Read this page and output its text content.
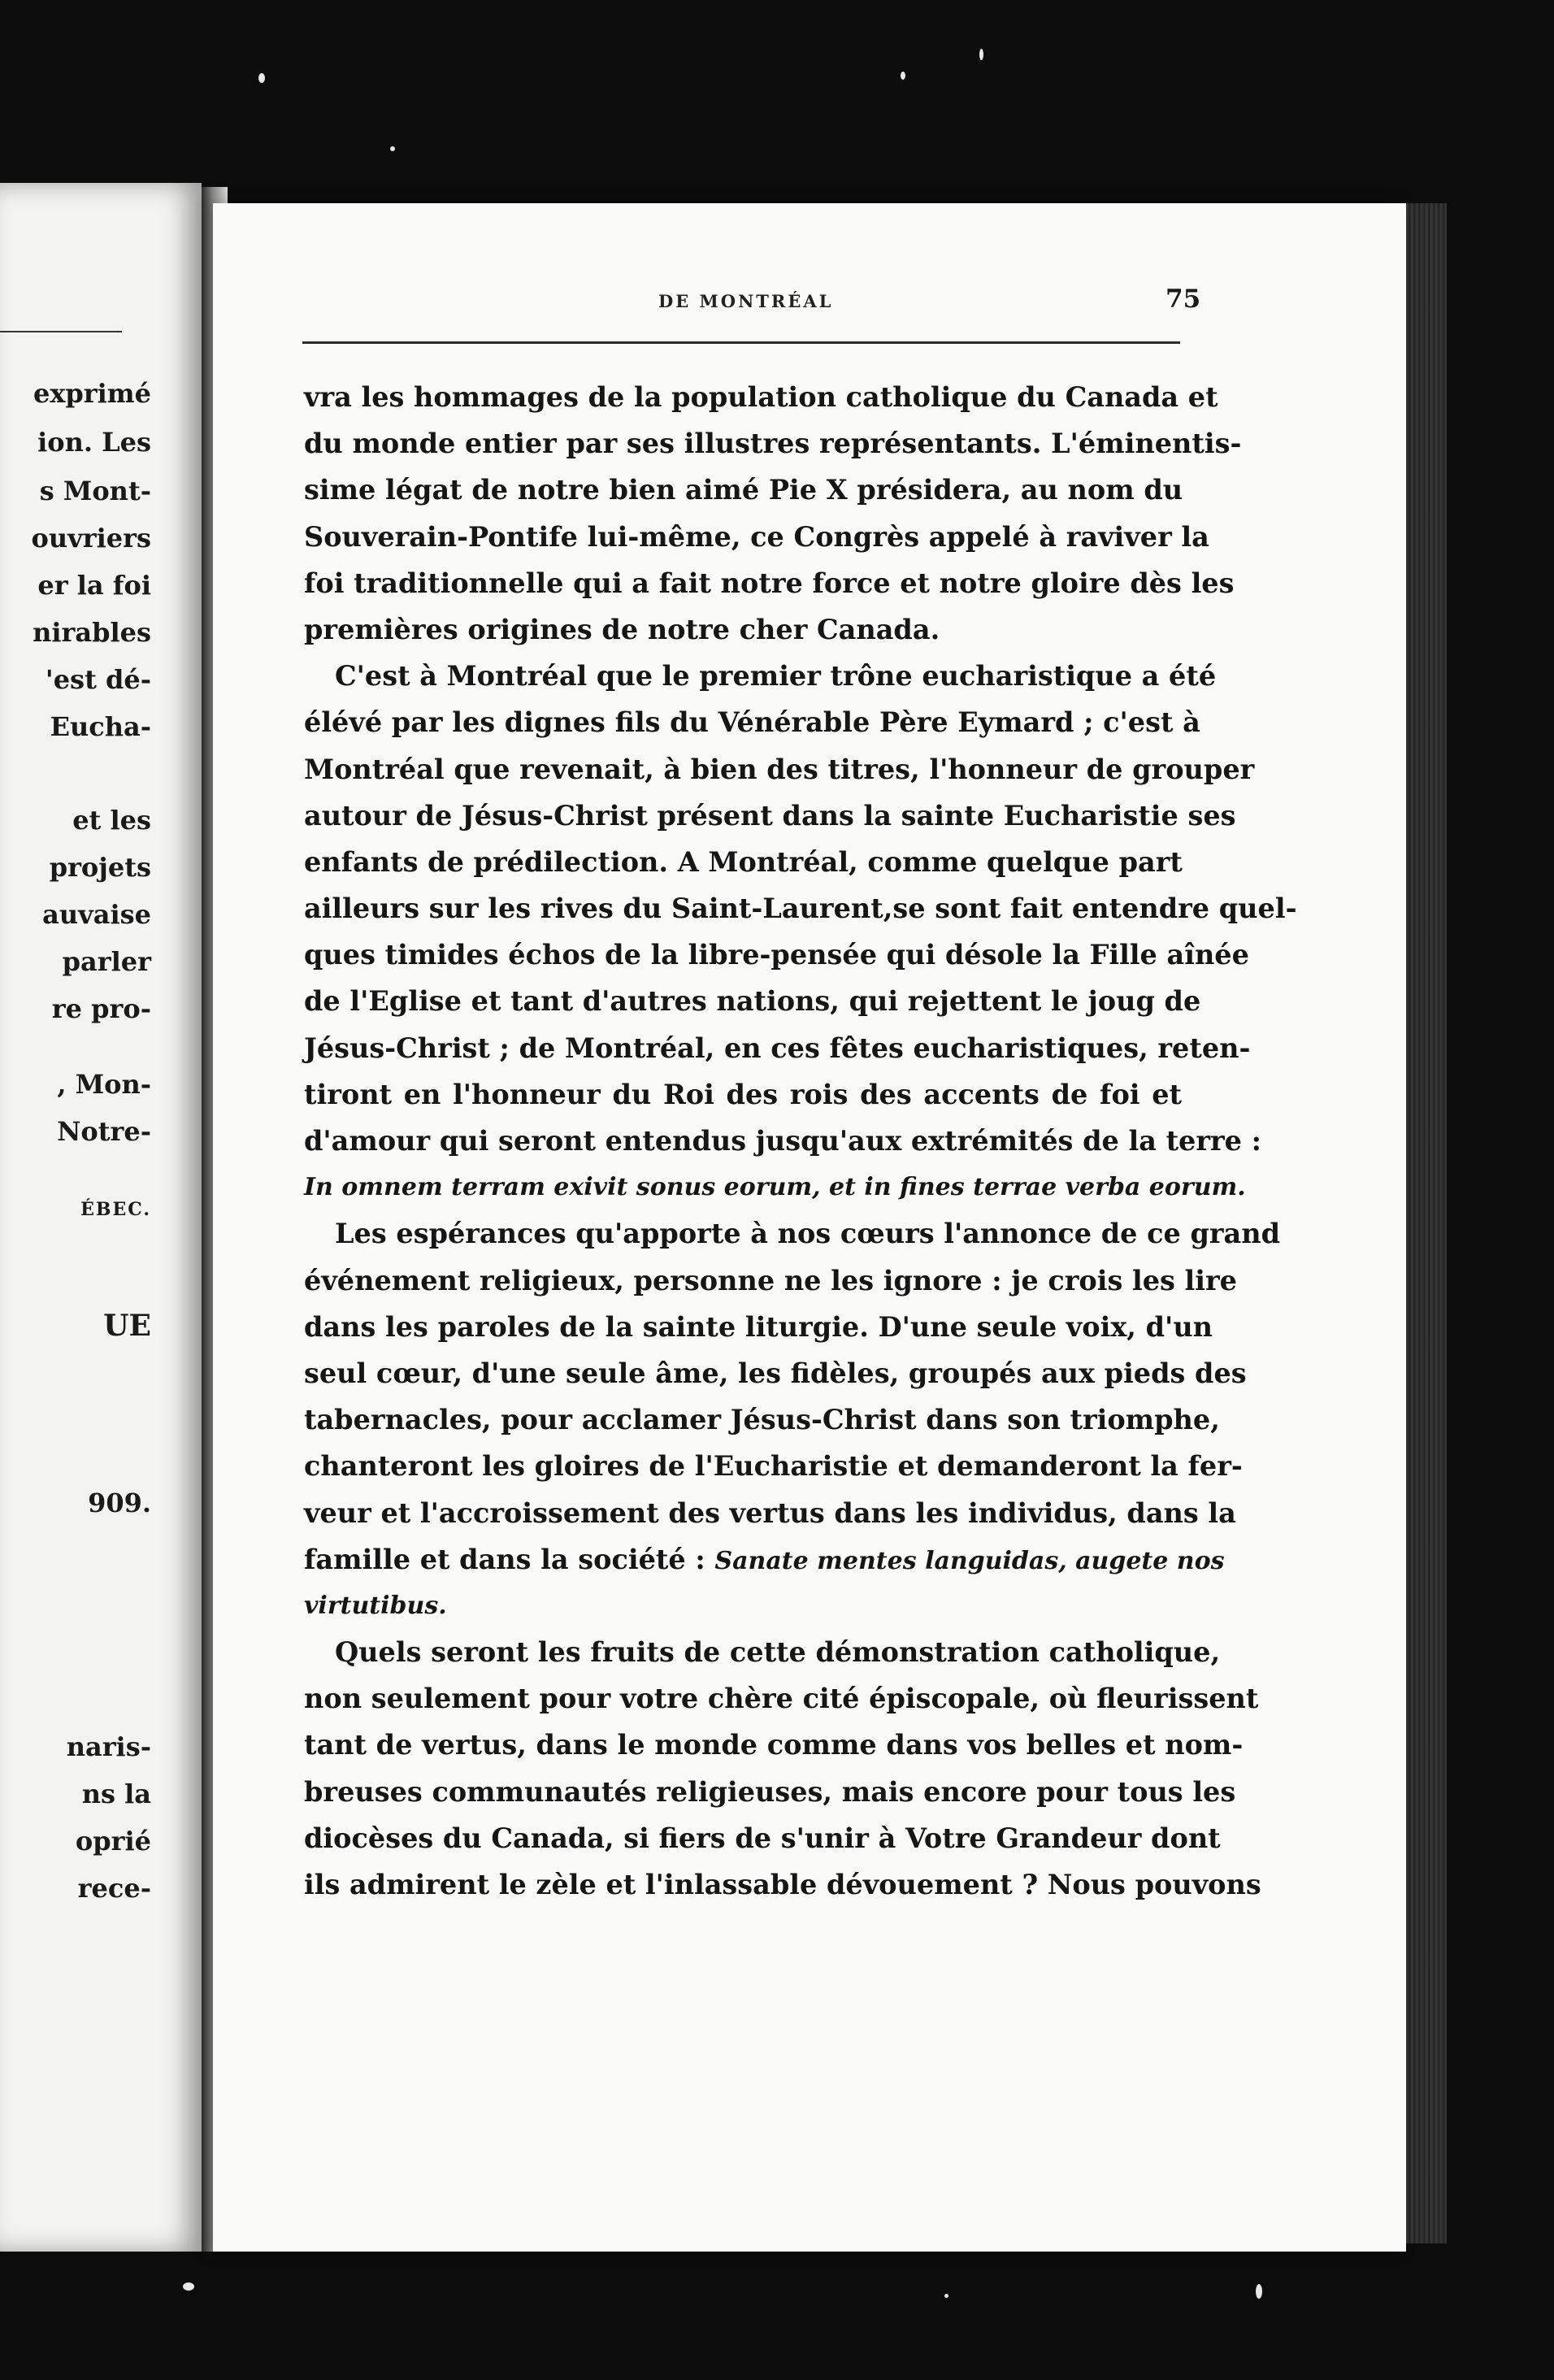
exprimé
ion. Les
s Mont-
ouvriers
er la foi
nirables
'est dé-
Eucha-
et les
projets
auvaise
parler
re pro-
, Mon-
Notre-
ÉBEC.
UE
909.
naris-
ns la
oprié
rece-
DE MONTRÉAL	75
vra les hommages de la population catholique du Canada et
du monde entier par ses illustres représentants. L'éminentis-
sime légat de notre bien aimé Pie X présidera, au nom du
Souverain-Pontife lui-même, ce Congrès appelé à raviver la
foi traditionnelle qui a fait notre force et notre gloire dès les
premières origines de notre cher Canada.
C'est à Montréal que le premier trône eucharistique a été
élévé par les dignes fils du Vénérable Père Eymard ; c'est à
Montréal que revenait, à bien des titres, l'honneur de grouper
autour de Jésus-Christ présent dans la sainte Eucharistie ses
enfants de prédilection. A Montréal, comme quelque part
ailleurs sur les rives du Saint-Laurent,se sont fait entendre quel-
ques timides échos de la libre-pensée qui désole la Fille aînée
de l'Eglise et tant d'autres nations, qui rejettent le joug de
Jésus-Christ ; de Montréal, en ces fêtes eucharistiques, reten-
tiront en l'honneur du Roi des rois des accents de foi et
d'amour qui seront entendus jusqu'aux extrémités de la terre :
In omnem terram exivit sonus eorum, et in fines terrae verba eorum.
Les espérances qu'apporte à nos cœurs l'annonce de ce grand
événement religieux, personne ne les ignore : je crois les lire
dans les paroles de la sainte liturgie. D'une seule voix, d'un
seul cœur, d'une seule âme, les fidèles, groupés aux pieds des
tabernacles, pour acclamer Jésus-Christ dans son triomphe,
chanteront les gloires de l'Eucharistie et demanderont la fer-
veur et l'accroissement des vertus dans les individus, dans la
famille et dans la société : Sanate mentes languidas, augete nos
virtutibus.
Quels seront les fruits de cette démonstration catholique,
non seulement pour votre chère cité épiscopale, où fleurissent
tant de vertus, dans le monde comme dans vos belles et nom-
breuses communautés religieuses, mais encore pour tous les
diocèses du Canada, si fiers de s'unir à Votre Grandeur dont
ils admirent le zèle et l'inlassable dévouement ? Nous pouvons
